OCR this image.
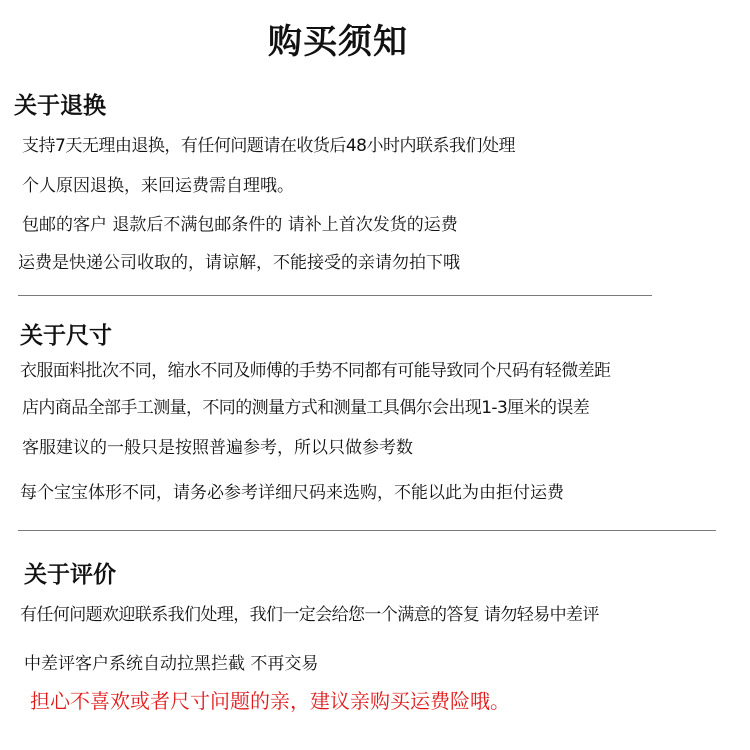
购买须知
关于退换
支持7天无理由退换，有任何问题请在收货后48小时内联系我们处理
个人原因退换，来回运费需自理哦。
包邮的客户 退款后不满包邮条件的 请补上首次发货的运费
运费是快递公司收取的，请谅解，不能接受的亲请勿拍下哦
关于尺寸
衣服面料批次不同，缩水不同及师傅的手势不同都有可能导致同个尺码有轻微差距
店内商品全部手工测量，不同的测量方式和测量工具偶尔会出现1-3厘米的误差
客服建议的一般只是按照普遍参考，所以只做参考数
每个宝宝体形不同，请务必参考详细尺码来选购，不能以此为由拒付运费
关于评价
有任何问题欢迎联系我们处理，我们一定会给您一个满意的答复 请勿轻易中差评
中差评客户系统自动拉黑拦截 不再交易
担心不喜欢或者尺寸问题的亲，建议亲购买运费险哦。
